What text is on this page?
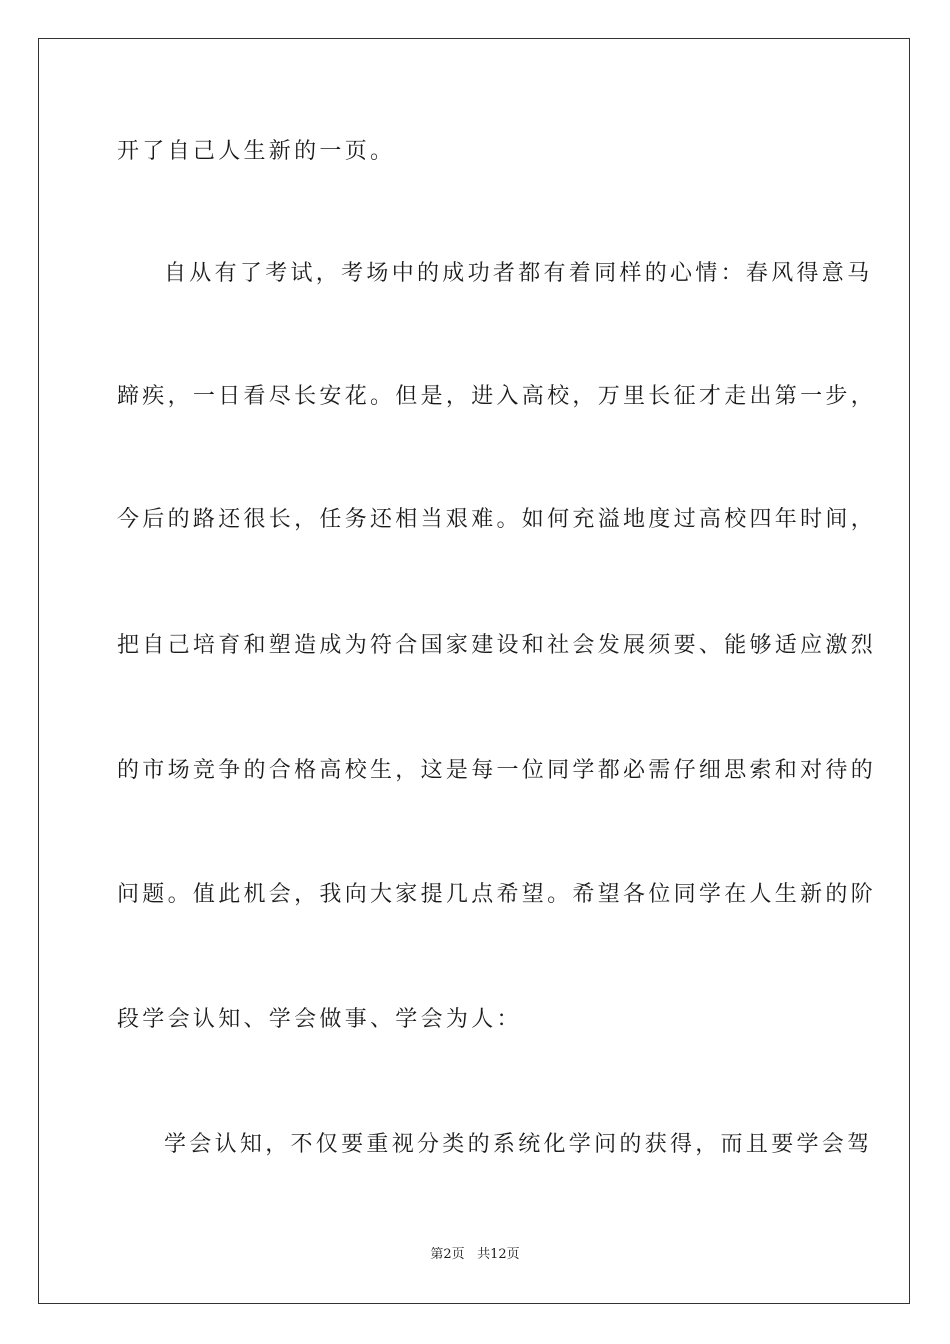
开了自己人生新的一页。
自从有了考试，考场中的成功者都有着同样的心情：春风得意马
蹄疾，一日看尽长安花。但是，进入高校，万里长征才走出第一步，
今后的路还很长，任务还相当艰难。如何充溢地度过高校四年时间，
把自己培育和塑造成为符合国家建设和社会发展须要、能够适应激烈
的市场竞争的合格高校生，这是每一位同学都必需仔细思索和对待的
问题。值此机会，我向大家提几点希望。希望各位同学在人生新的阶
段学会认知、学会做事、学会为人：
学会认知，不仅要重视分类的系统化学问的获得，而且要学会驾
第2页 共12页
